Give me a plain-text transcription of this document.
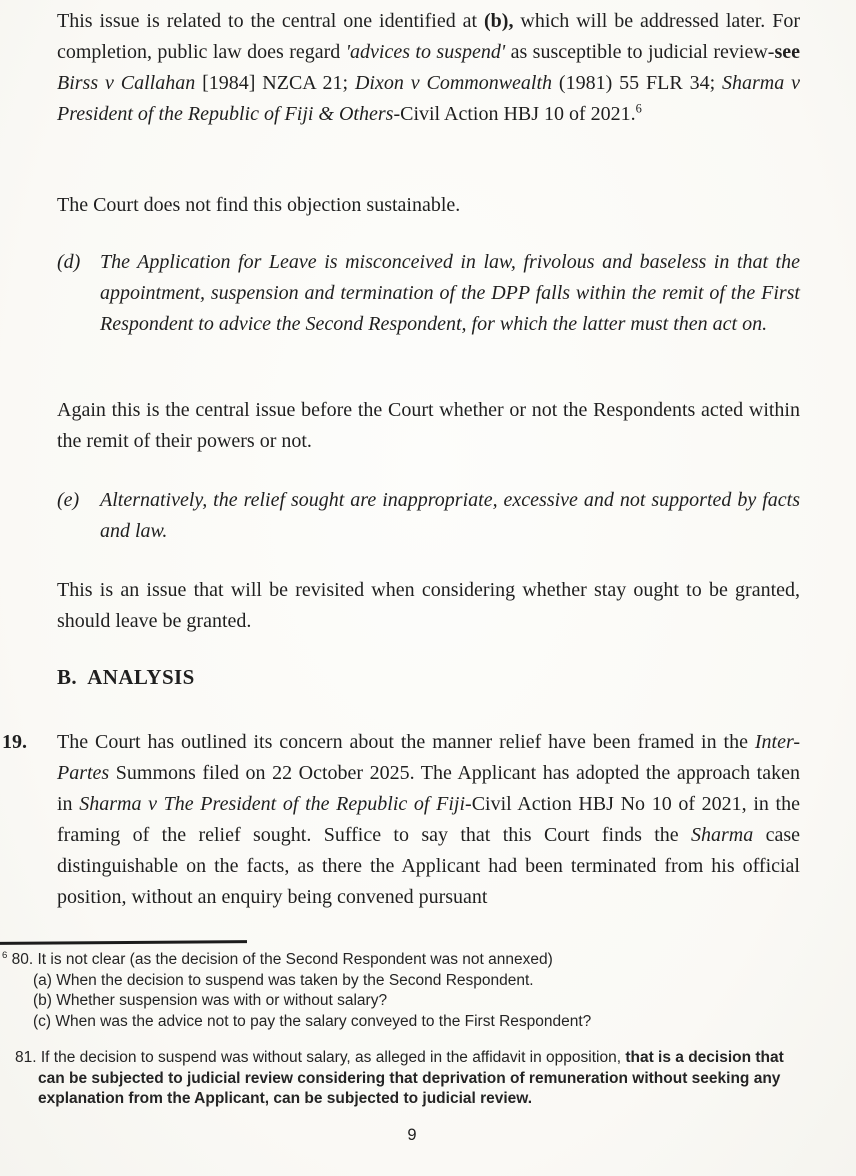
This issue is related to the central one identified at (b), which will be addressed later. For completion, public law does regard 'advices to suspend' as susceptible to judicial review-see Birss v Callahan [1984] NZCA 21; Dixon v Commonwealth (1981) 55 FLR 34; Sharma v President of the Republic of Fiji & Others-Civil Action HBJ 10 of 2021.$^6$
The Court does not find this objection sustainable.
(d) The Application for Leave is misconceived in law, frivolous and baseless in that the appointment, suspension and termination of the DPP falls within the remit of the First Respondent to advice the Second Respondent, for which the latter must then act on.
Again this is the central issue before the Court whether or not the Respondents acted within the remit of their powers or not.
(e)	Alternatively, the relief sought are inappropriate, excessive and not supported by facts and law.
This is an issue that will be revisited when considering whether stay ought to be granted, should leave be granted.
B.  ANALYSIS
19.	The Court has outlined its concern about the manner relief have been framed in the Inter-Partes Summons filed on 22 October 2025. The Applicant has adopted the approach taken in Sharma v The President of the Republic of Fiji-Civil Action HBJ No 10 of 2021, in the framing of the relief sought. Suffice to say that this Court finds the Sharma case distinguishable on the facts, as there the Applicant had been terminated from his official position, without an enquiry being convened pursuant
$^6$ 80. It is not clear (as the decision of the Second Respondent was not annexed)
(a) When the decision to suspend was taken by the Second Respondent.
(b) Whether suspension was with or without salary?
(c) When was the advice not to pay the salary conveyed to the First Respondent?
81. If the decision to suspend was without salary, as alleged in the affidavit in opposition, that is a decision that can be subjected to judicial review considering that deprivation of remuneration without seeking any explanation from the Applicant, can be subjected to judicial review.
9
